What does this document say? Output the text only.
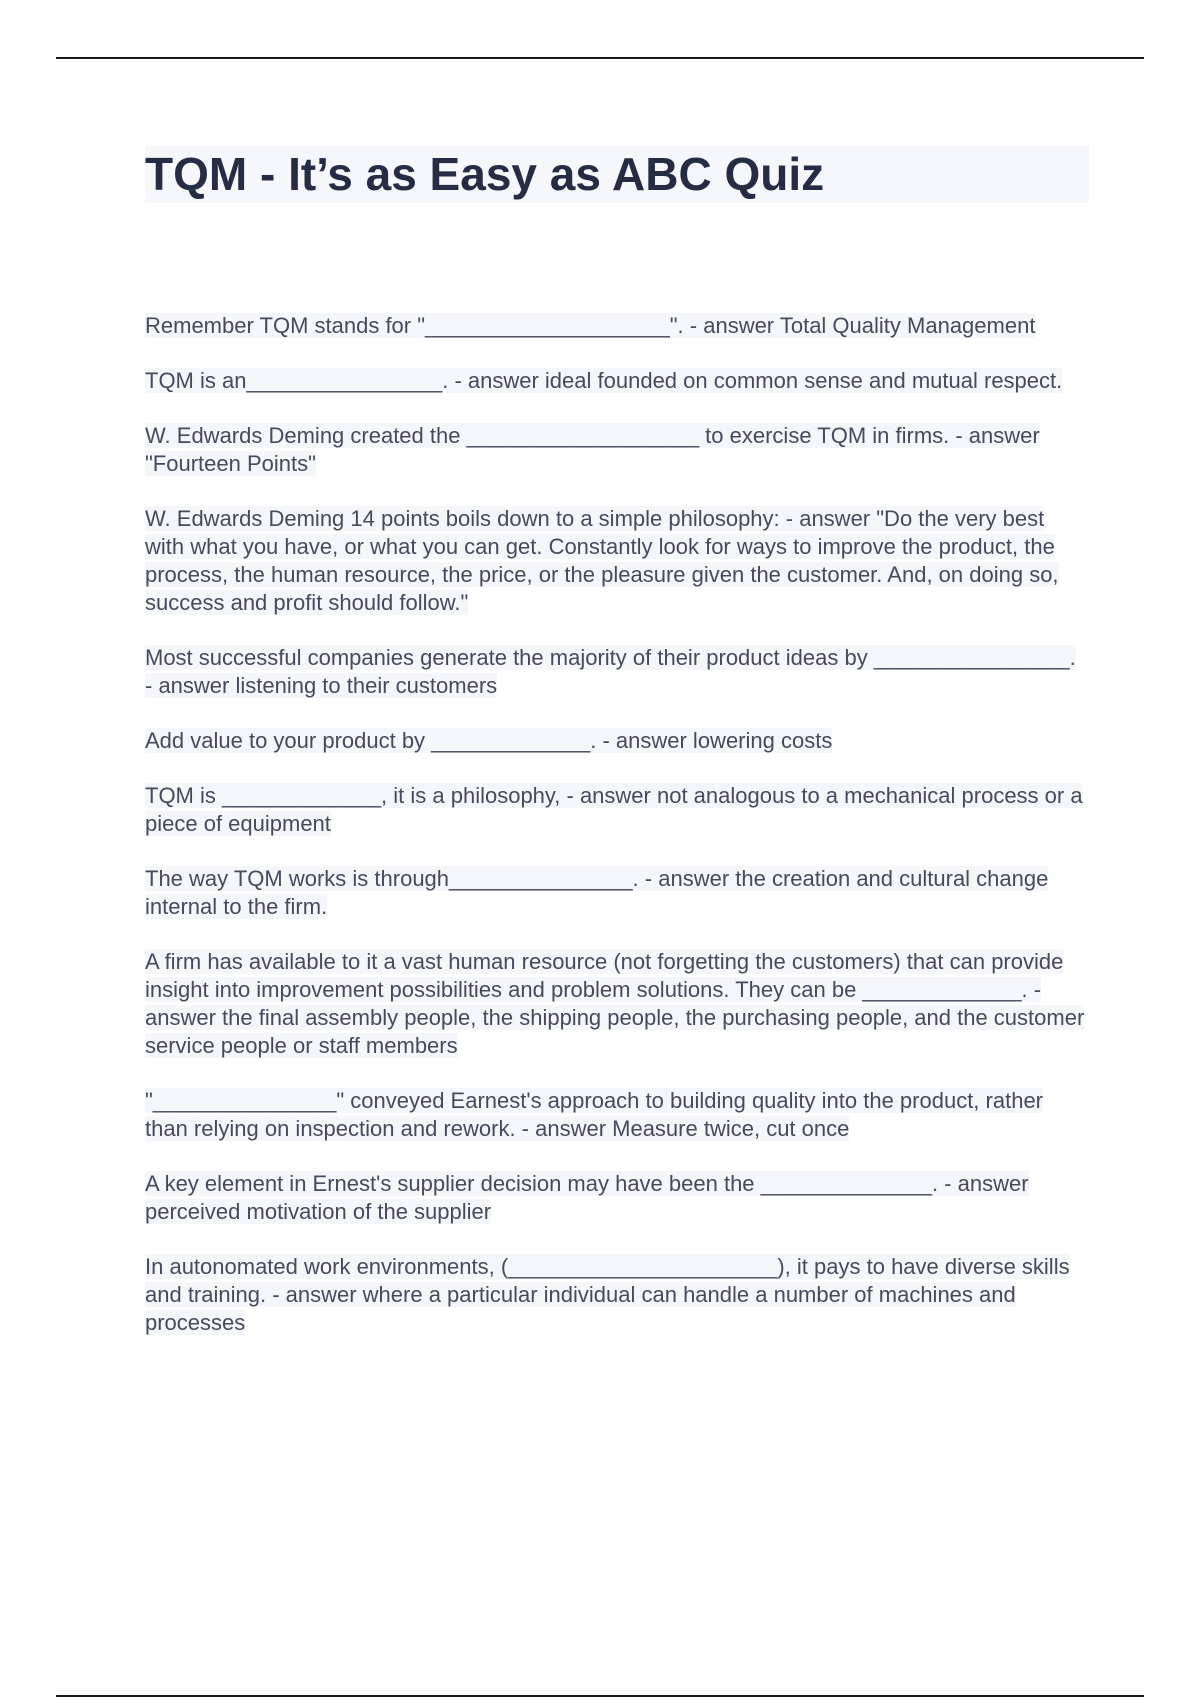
TQM - It’s as Easy as ABC Quiz
Remember TQM stands for "____________________". - answer Total Quality Management
TQM is an________________. - answer ideal founded on common sense and mutual respect.
W. Edwards Deming created the ___________________ to exercise TQM in firms. - answer "Fourteen Points"
W. Edwards Deming 14 points boils down to a simple philosophy: - answer "Do the very best with what you have, or what you can get. Constantly look for ways to improve the product, the process, the human resource, the price, or the pleasure given the customer. And, on doing so, success and profit should follow."
Most successful companies generate the majority of their product ideas by ________________. - answer listening to their customers
Add value to your product by _____________. - answer lowering costs
TQM is _____________, it is a philosophy, - answer not analogous to a mechanical process or a piece of equipment
The way TQM works is through_______________. - answer the creation and cultural change internal to the firm.
A firm has available to it a vast human resource (not forgetting the customers) that can provide insight into improvement possibilities and problem solutions. They can be _____________. - answer the final assembly people, the shipping people, the purchasing people, and the customer service people or staff members
"_______________" conveyed Earnest's approach to building quality into the product, rather than relying on inspection and rework. - answer Measure twice, cut once
A key element in Ernest's supplier decision may have been the ______________. - answer perceived motivation of the supplier
In autonomated work environments, (______________________), it pays to have diverse skills and training. - answer where a particular individual can handle a number of machines and processes
